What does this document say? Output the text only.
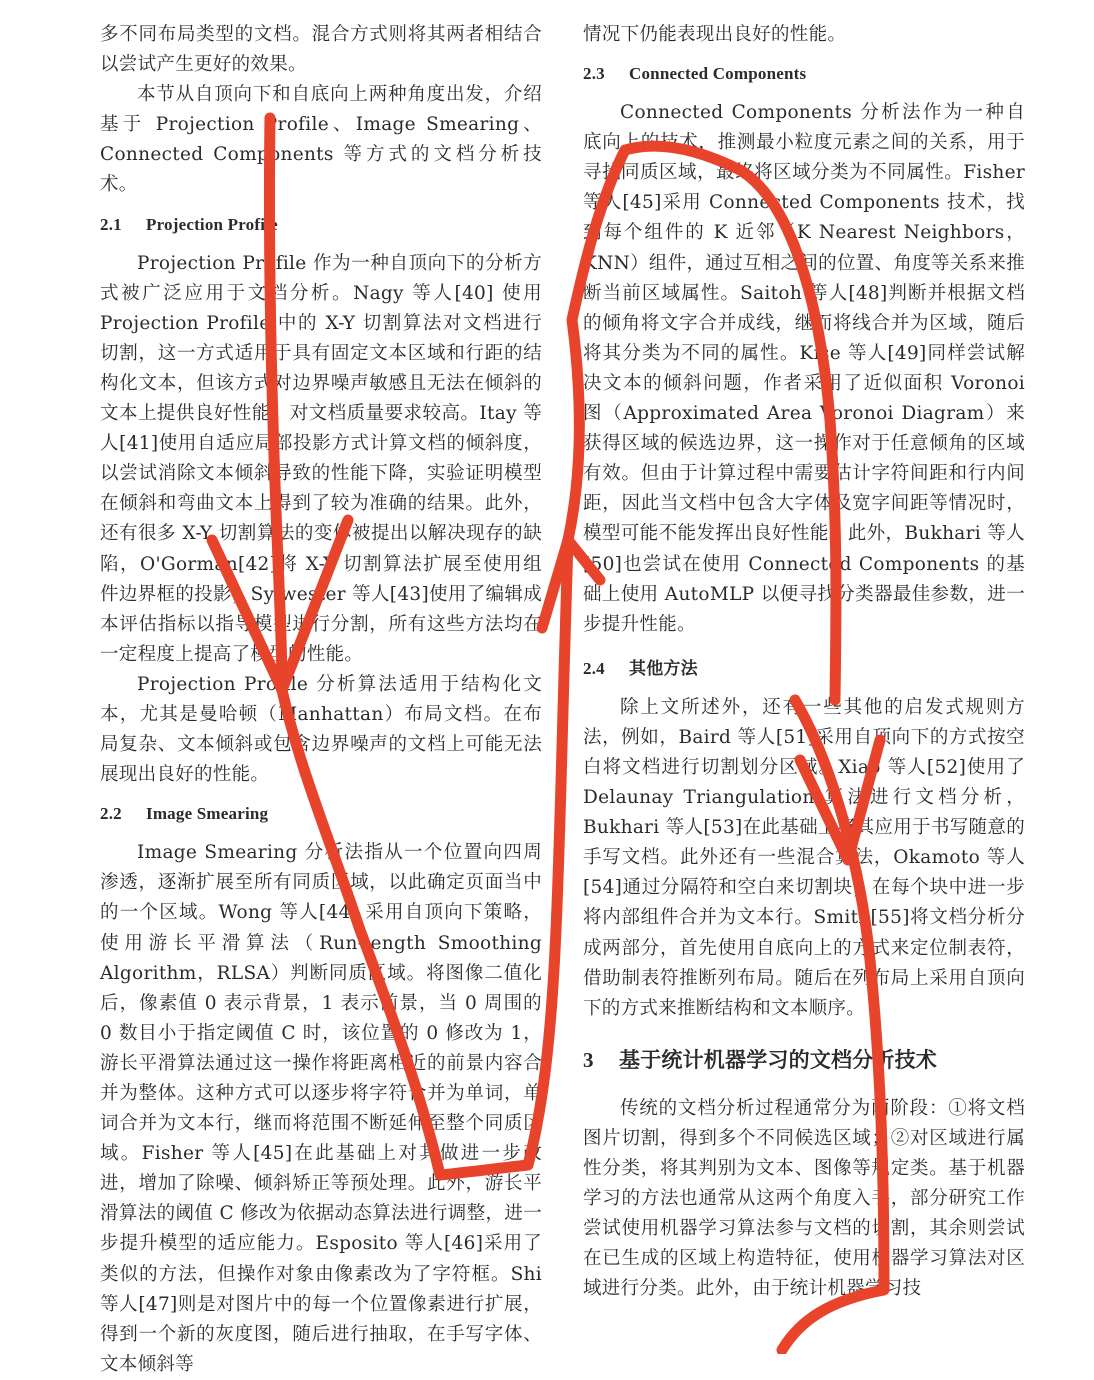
多不同布局类型的文档。混合方式则将其两者相结合以尝试产生更好的效果。

本节从自顶向下和自底向上两种角度出发，介绍基于 Projection Profile、Image Smearing、Connected Components 等方式的文档分析技术。

2.1 Projection Profile

Projection Profile 作为一种自顶向下的分析方式被广泛应用于文档分析。Nagy 等人[40] 使用 Projection Profile 中的 X-Y 切割算法对文档进行切割，这一方式适用于具有固定文本区域和行距的结构化文本，但该方式对边界噪声敏感且无法在倾斜的文本上提供良好性能，对文档质量要求较高。Itay 等人[41]使用自适应局部投影方式计算文档的倾斜度，以尝试消除文本倾斜导致的性能下降，实验证明模型在倾斜和弯曲文本上得到了较为准确的结果。此外，还有很多 X-Y 切割算法的变体被提出以解决现存的缺陷，O'Gorman[42]将 X-Y 切割算法扩展至使用组件边界框的投影，Sylwester 等人[43]使用了编辑成本评估指标以指导模型进行分割，所有这些方法均在一定程度上提高了模型的性能。

Projection Profile 分析算法适用于结构化文本，尤其是曼哈顿（Manhattan）布局文档。在布局复杂、文本倾斜或包含边界噪声的文档上可能无法展现出良好的性能。

2.2 Image Smearing

Image Smearing 分析法指从一个位置向四周渗透，逐渐扩展至所有同质区域，以此确定页面当中的一个区域。Wong 等人[44] 采用自顶向下策略，使用游长平滑算法（Run-length Smoothing Algorithm，RLSA）判断同质区域。将图像二值化后，像素值 0 表示背景，1 表示前景，当 0 周围的 0 数目小于指定阈值 C 时，该位置的 0 修改为 1，游长平滑算法通过这一操作将距离相近的前景内容合并为整体。这种方式可以逐步将字符合并为单词，单词合并为文本行，继而将范围不断延伸至整个同质区域。Fisher 等人[45]在此基础上对其做进一步改进，增加了除噪、倾斜矫正等预处理。此外，游长平滑算法的阈值 C 修改为依据动态算法进行调整，进一步提升模型的适应能力。Esposito 等人[46]采用了类似的方法，但操作对象由像素改为了字符框。Shi 等人[47]则是对图片中的每一个位置像素进行扩展，得到一个新的灰度图，随后进行抽取，在手写字体、文本倾斜等

情况下仍能表现出良好的性能。

2.3 Connected Components

Connected Components 分析法作为一种自底向上的技术，推测最小粒度元素之间的关系，用于寻找同质区域，最终将区域分类为不同属性。Fisher 等人[45]采用 Connected Components 技术，找到每个组件的 K 近邻（K Nearest Neighbors，KNN）组件，通过互相之间的位置、角度等关系来推断当前区域属性。Saitoh 等人[48]判断并根据文档的倾角将文字合并成线，继而将线合并为区域，随后将其分类为不同的属性。Kise 等人[49]同样尝试解决文本的倾斜问题，作者采用了近似面积 Voronoi 图（Approximated Area Voronoi Diagram）来获得区域的候选边界，这一操作对于任意倾角的区域有效。但由于计算过程中需要估计字符间距和行内间距，因此当文档中包含大字体及宽字间距等情况时，模型可能不能发挥出良好性能。此外，Bukhari 等人[50]也尝试在使用 Connected Components 的基础上使用 AutoMLP 以便寻找分类器最佳参数，进一步提升性能。

2.4 其他方法

除上文所述外，还有一些其他的启发式规则方法，例如，Baird 等人[51]采用自顶向下的方式按空白将文档进行切割划分区域。Xiao 等人[52]使用了 Delaunay Triangulation 算法进行文档分析，Bukhari 等人[53]在此基础上将其应用于书写随意的手写文档。此外还有一些混合算法，Okamoto 等人[54]通过分隔符和空白来切割块，在每个块中进一步将内部组件合并为文本行。Smith[55]将文档分析分成两部分，首先使用自底向上的方式来定位制表符，借助制表符推断列布局。随后在列布局上采用自顶向下的方式来推断结构和文本顺序。

3 基于统计机器学习的文档分析技术

传统的文档分析过程通常分为两阶段：①将文档图片切割，得到多个不同候选区域；②对区域进行属性分类，将其判别为文本、图像等规定类。基于机器学习的方法也通常从这两个角度入手，部分研究工作尝试使用机器学习算法参与文档的切割，其余则尝试在已生成的区域上构造特征，使用机器学习算法对区域进行分类。此外，由于统计机器学习技
